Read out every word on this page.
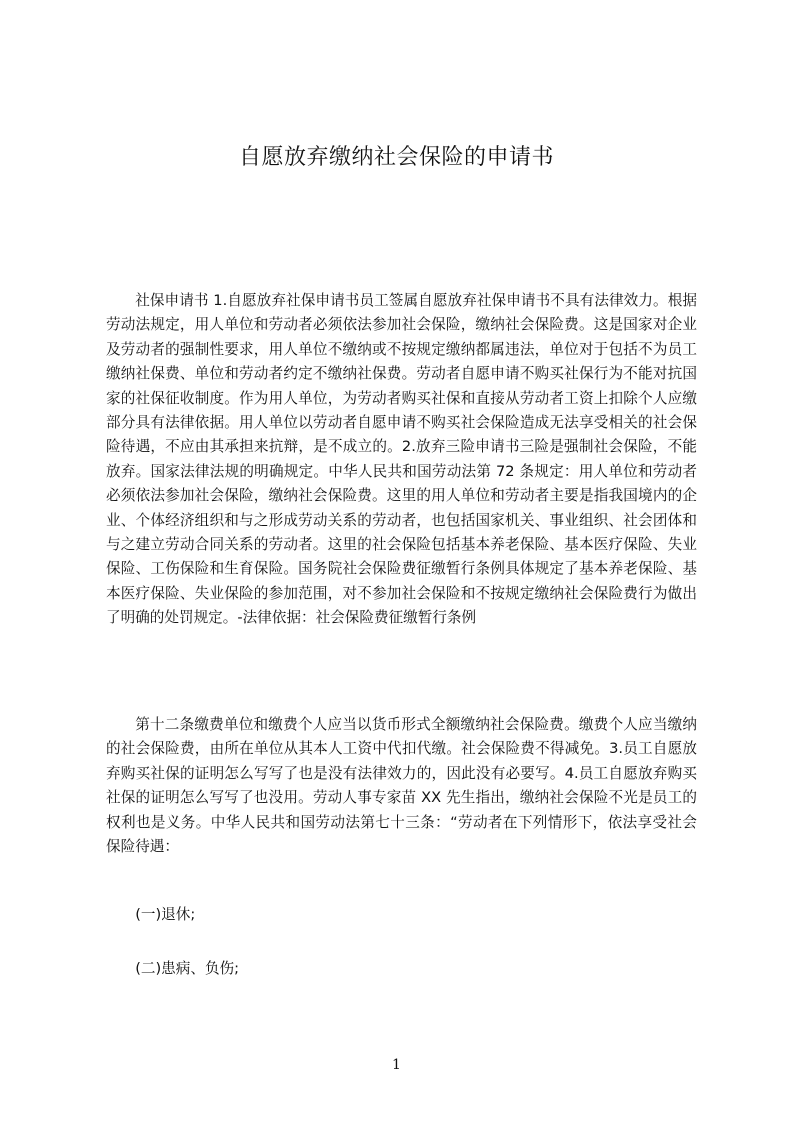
自愿放弃缴纳社会保险的申请书

社保申请书 1.自愿放弃社保申请书员工签属自愿放弃社保申请书不具有法律效力。根据劳动法规定，用人单位和劳动者必须依法参加社会保险，缴纳社会保险费。这是国家对企业及劳动者的强制性要求，用人单位不缴纳或不按规定缴纳都属违法，单位对于包括不为员工缴纳社保费、单位和劳动者约定不缴纳社保费。劳动者自愿申请不购买社保行为不能对抗国家的社保征收制度。作为用人单位，为劳动者购买社保和直接从劳动者工资上扣除个人应缴部分具有法律依据。用人单位以劳动者自愿申请不购买社会保险造成无法享受相关的社会保险待遇，不应由其承担来抗辩，是不成立的。2.放弃三险申请书三险是强制社会保险，不能放弃。国家法律法规的明确规定。中华人民共和国劳动法第 72 条规定：用人单位和劳动者必须依法参加社会保险，缴纳社会保险费。这里的用人单位和劳动者主要是指我国境内的企业、个体经济组织和与之形成劳动关系的劳动者，也包括国家机关、事业组织、社会团体和与之建立劳动合同关系的劳动者。这里的社会保险包括基本养老保险、基本医疗保险、失业保险、工伤保险和生育保险。国务院社会保险费征缴暂行条例具体规定了基本养老保险、基本医疗保险、失业保险的参加范围，对不参加社会保险和不按规定缴纳社会保险费行为做出了明确的处罚规定。-法律依据：社会保险费征缴暂行条例

第十二条缴费单位和缴费个人应当以货币形式全额缴纳社会保险费。缴费个人应当缴纳的社会保险费，由所在单位从其本人工资中代扣代缴。社会保险费不得减免。3.员工自愿放弃购买社保的证明怎么写写了也是没有法律效力的，因此没有必要写。4.员工自愿放弃购买社保的证明怎么写写了也没用。劳动人事专家苗 XX 先生指出，缴纳社会保险不光是员工的权利也是义务。中华人民共和国劳动法第七十三条：“劳动者在下列情形下，依法享受社会保险待遇：

(一)退休;

(二)患病、负伤;

1
